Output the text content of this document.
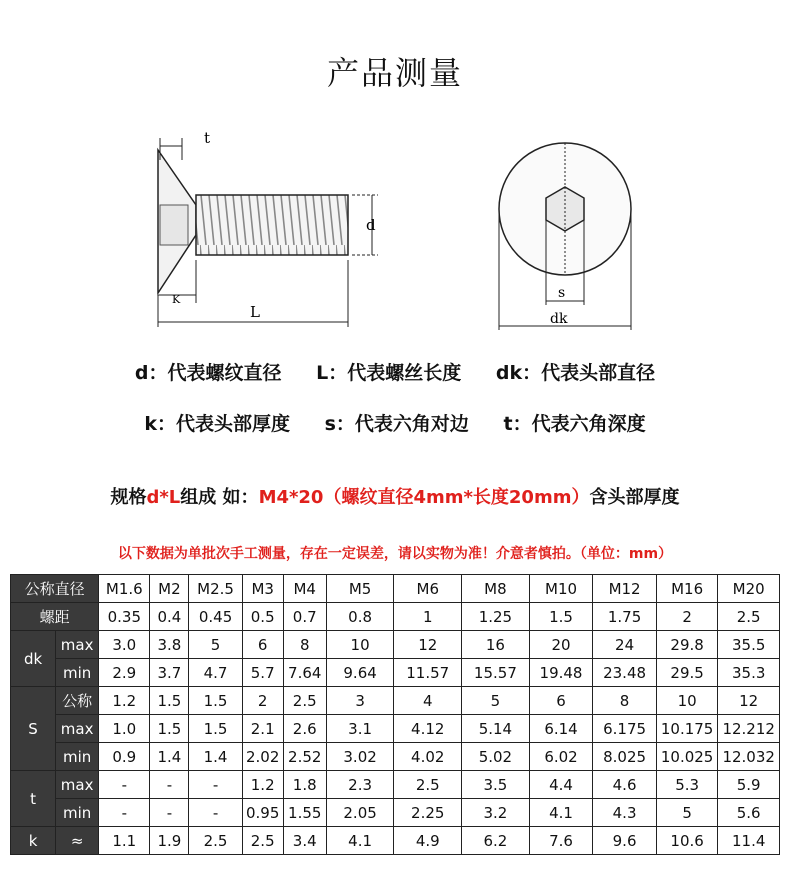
产品测量
t
d
K
L
s
dk
d：代表螺纹直径 L：代表螺丝长度 dk：代表头部直径
k：代表头部厚度 s：代表六角对边 t：代表六角深度
规格d*L组成 如：M4*20（螺纹直径4mm*长度20mm）含头部厚度
以下数据为单批次手工测量，存在一定误差，请以实物为准！介意者慎拍。（单位：mm）
公称直径		M1.6	M2	M2.5	M3	M4	M5	M6	M8	M10	M12	M16	M20
螺距		0.35	0.4	0.45	0.5	0.7	0.8	1	1.25	1.5	1.75	2	2.5
dk	max	3.0	3.8	5	6	8	10	12	16	20	24	29.8	35.5
	min	2.9	3.7	4.7	5.7	7.64	9.64	11.57	15.57	19.48	23.48	29.5	35.3
S	公称	1.2	1.5	1.5	2	2.5	3	4	5	6	8	10	12
	max	1.0	1.5	1.5	2.1	2.6	3.1	4.12	5.14	6.14	6.175	10.175	12.212
	min	0.9	1.4	1.4	2.02	2.52	3.02	4.02	5.02	6.02	8.025	10.025	12.032
t	max	-	-	-	1.2	1.8	2.3	2.5	3.5	4.4	4.6	5.3	5.9
	min	-	-	-	0.95	1.55	2.05	2.25	3.2	4.1	4.3	5	5.6
k	≈	1.1	1.9	2.5	2.5	3.4	4.1	4.9	6.2	7.6	9.6	10.6	11.4
